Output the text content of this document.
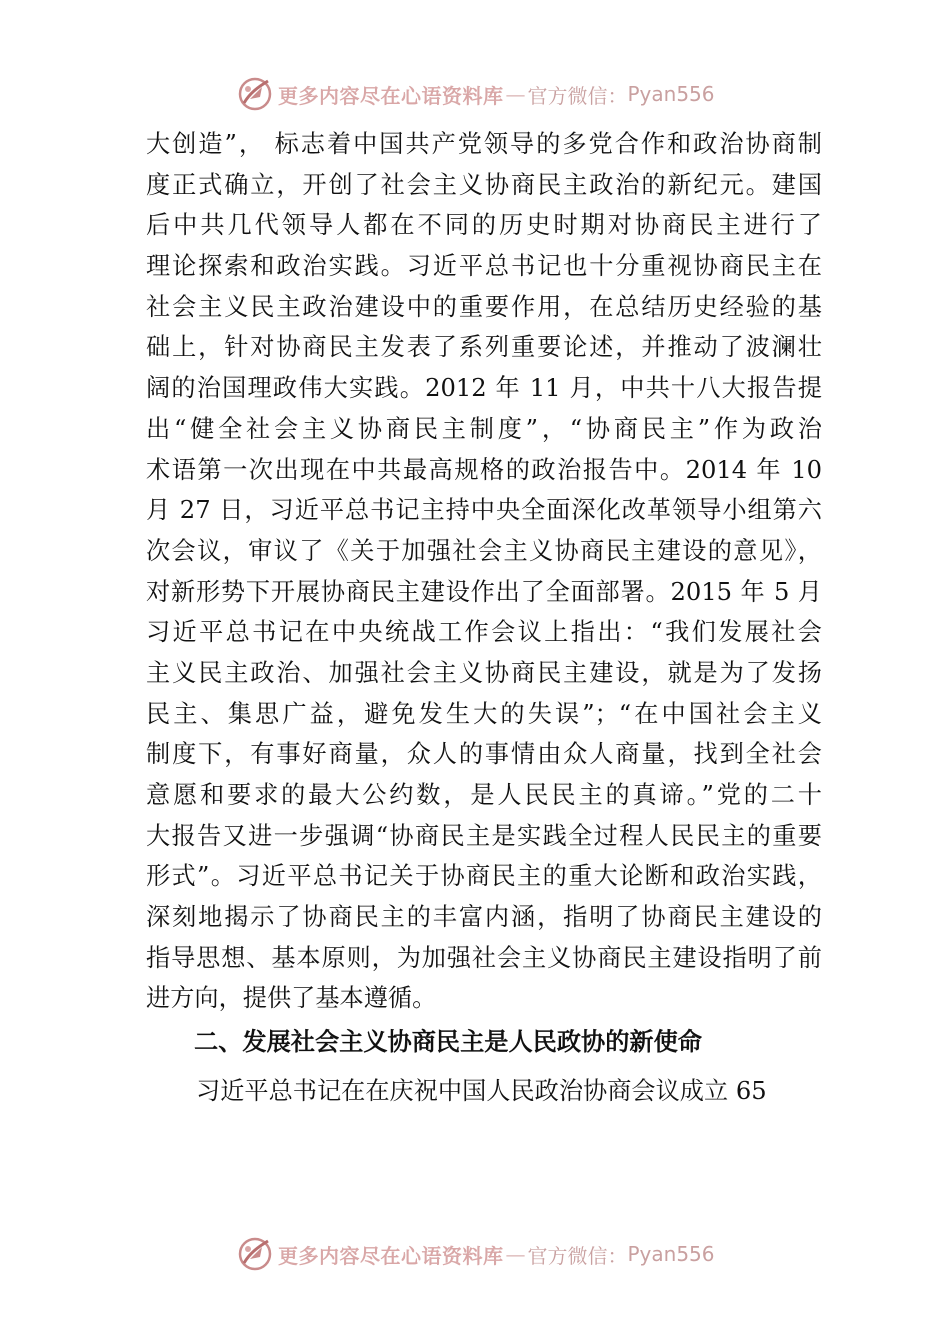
更多内容尽在心语资料库 — 官方微信： Pyan556
大创造”， 标志着中国共产党领导的多党合作和政治协商制
度正式确立，开创了社会主义协商民主政治的新纪元。建国
后中共几代领导人都在不同的历史时期对协商民主进行了
理论探索和政治实践。习近平总书记也十分重视协商民主在
社会主义民主政治建设中的重要作用，在总结历史经验的基
础上，针对协商民主发表了系列重要论述，并推动了波澜壮
阔的治国理政伟大实践。2012 年 11 月，中共十八大报告提
出“健全社会主义协商民主制度”，“协商民主”作为政治
术语第一次出现在中共最高规格的政治报告中。2014 年 10
月 27 日，习近平总书记主持中央全面深化改革领导小组第六
次会议，审议了《关于加强社会主义协商民主建设的意见》，
对新形势下开展协商民主建设作出了全面部署。2015 年 5 月
习近平总书记在中央统战工作会议上指出：“我们发展社会
主义民主政治、加强社会主义协商民主建设，就是为了发扬
民主、集思广益，避免发生大的失误”；“在中国社会主义
制度下，有事好商量，众人的事情由众人商量，找到全社会
意愿和要求的最大公约数，是人民民主的真谛。”党的二十
大报告又进一步强调“协商民主是实践全过程人民民主的重要
形式”。习近平总书记关于协商民主的重大论断和政治实践，
深刻地揭示了协商民主的丰富内涵，指明了协商民主建设的
指导思想、基本原则，为加强社会主义协商民主建设指明了前
进方向，提供了基本遵循。
二、发展社会主义协商民主是人民政协的新使命
习近平总书记在在庆祝中国人民政治协商会议成立 65
更多内容尽在心语资料库 — 官方微信： Pyan556
